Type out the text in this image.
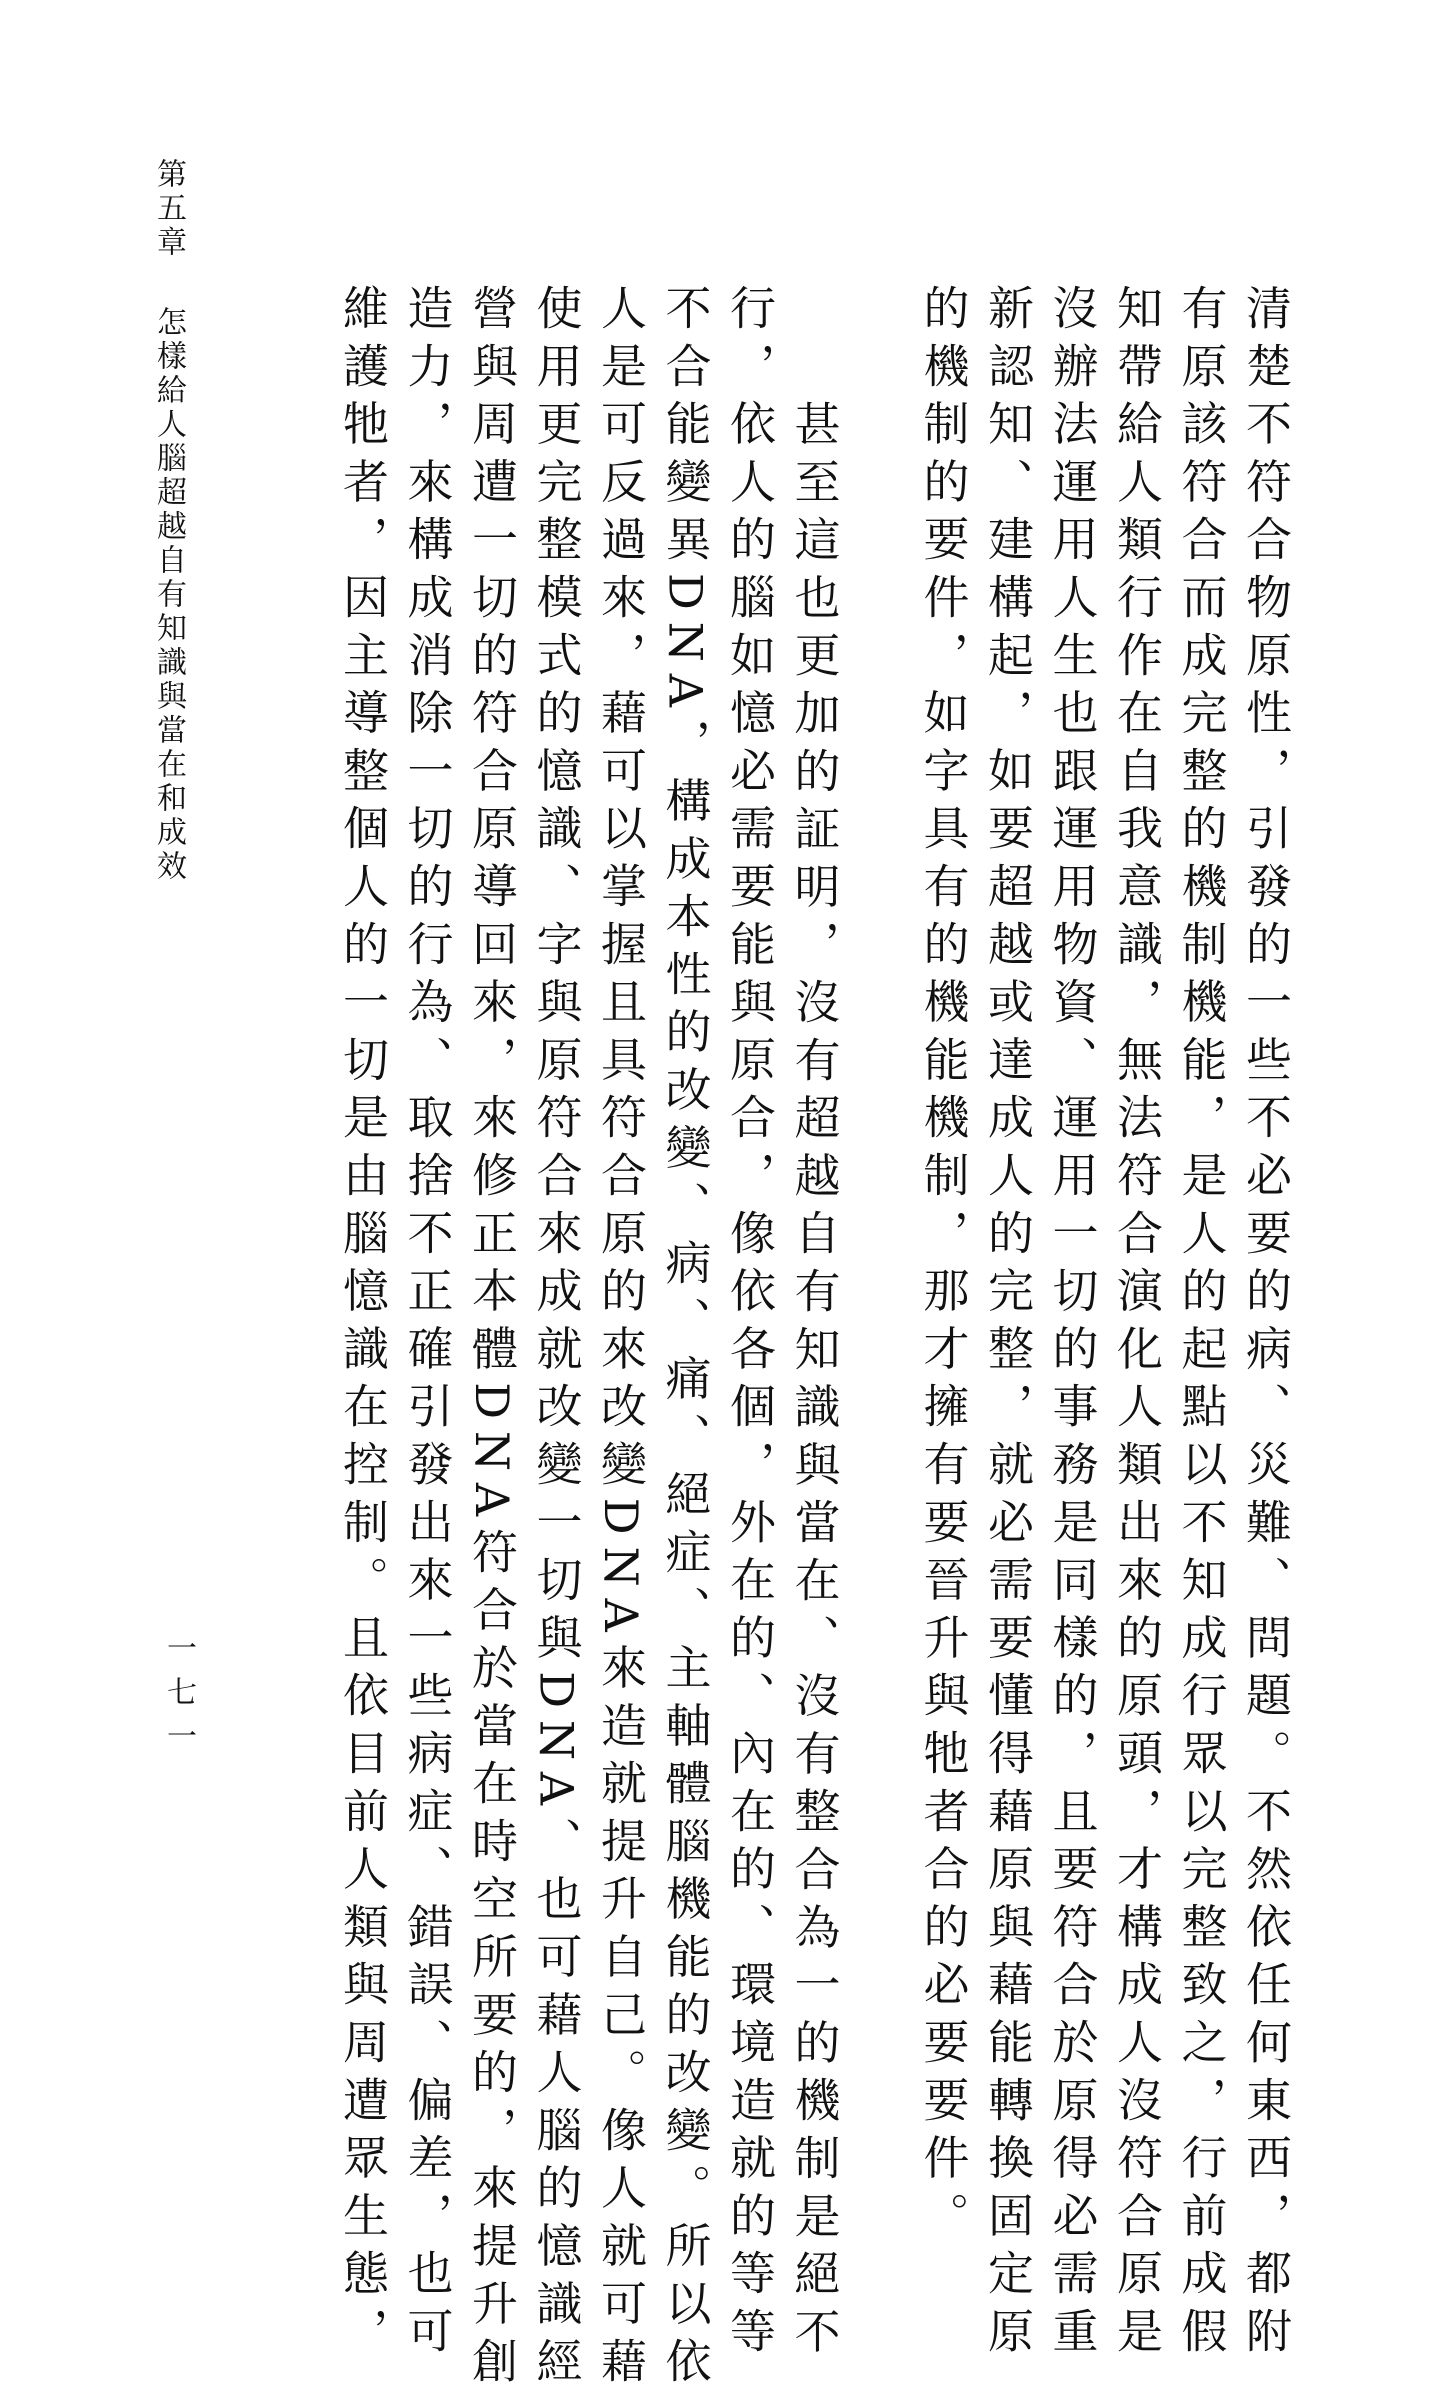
第五章怎樣給人腦超越自有知識與當在和成效
一七一	清楚不符合物原性，引發的一些不必要的病、災難、問題。不然依任何東西，都附
有原該符合而成完整的機制機能，是人的起點以不知成行眾以完整致之，行前成假
知帶給人類行作在自我意識，無法符合演化人類出來的原頭，才構成人沒符合原是
沒辦法運用人生也跟運用物資、運用一切的事務是同樣的，且要符合於原得必需重
新認知、建構起，如要超越或達成人的完整，就必需要懂得藉原與藉能轉換固定原
的機制的要件，如字具有的機能機制，那才擁有要晉升與牠者合的必要要件。
甚至這也更加的証明，沒有超越自有知識與當在、沒有整合為一的機制是絕不
行，依人的腦如憶必需要能與原合，像依各個，外在的、內在的、環境造就的等等
不合能變異DNA，構成本性的改變、病、痛、絕症、主軸體腦機能的改變。所以依
人是可反過來，藉可以掌握且具符合原的來改變DNA來造就提升自己。像人就可藉
使用更完整模式的憶識、字與原符合來成就改變一切與DNA、也可藉人腦的憶識經
營與周遭一切的符合原導回來，來修正本體DNA符合於當在時空所要的，來提升創
造力，來構成消除一切的行為、取捨不正確引發出來一些病症、錯誤、偏差，也可
維護牠者，因主導整個人的一切是由腦憶識在控制。且依目前人類與周遭眾生態，
